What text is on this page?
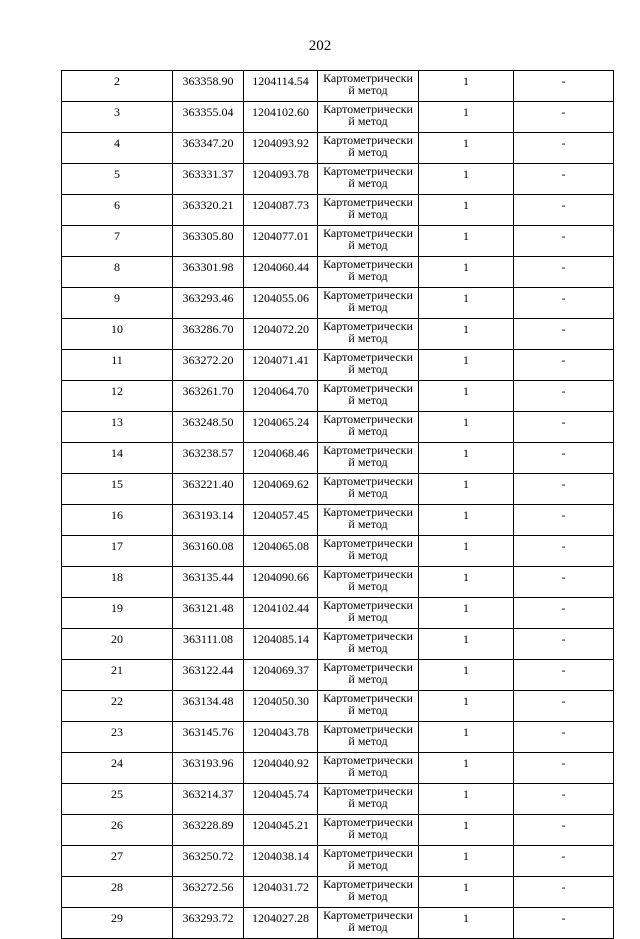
202
2	363358.90	1204114.54	Картометрический метод	1	-
3	363355.04	1204102.60	Картометрический метод	1	-
4	363347.20	1204093.92	Картометрический метод	1	-
5	363331.37	1204093.78	Картометрический метод	1	-
6	363320.21	1204087.73	Картометрический метод	1	-
7	363305.80	1204077.01	Картометрический метод	1	-
8	363301.98	1204060.44	Картометрический метод	1	-
9	363293.46	1204055.06	Картометрический метод	1	-
10	363286.70	1204072.20	Картометрический метод	1	-
11	363272.20	1204071.41	Картометрический метод	1	-
12	363261.70	1204064.70	Картометрический метод	1	-
13	363248.50	1204065.24	Картометрический метод	1	-
14	363238.57	1204068.46	Картометрический метод	1	-
15	363221.40	1204069.62	Картометрический метод	1	-
16	363193.14	1204057.45	Картометрический метод	1	-
17	363160.08	1204065.08	Картометрический метод	1	-
18	363135.44	1204090.66	Картометрический метод	1	-
19	363121.48	1204102.44	Картометрический метод	1	-
20	363111.08	1204085.14	Картометрический метод	1	-
21	363122.44	1204069.37	Картометрический метод	1	-
22	363134.48	1204050.30	Картометрический метод	1	-
23	363145.76	1204043.78	Картометрический метод	1	-
24	363193.96	1204040.92	Картометрический метод	1	-
25	363214.37	1204045.74	Картометрический метод	1	-
26	363228.89	1204045.21	Картометрический метод	1	-
27	363250.72	1204038.14	Картометрический метод	1	-
28	363272.56	1204031.72	Картометрический метод	1	-
29	363293.72	1204027.28	Картометрический метод	1	-
